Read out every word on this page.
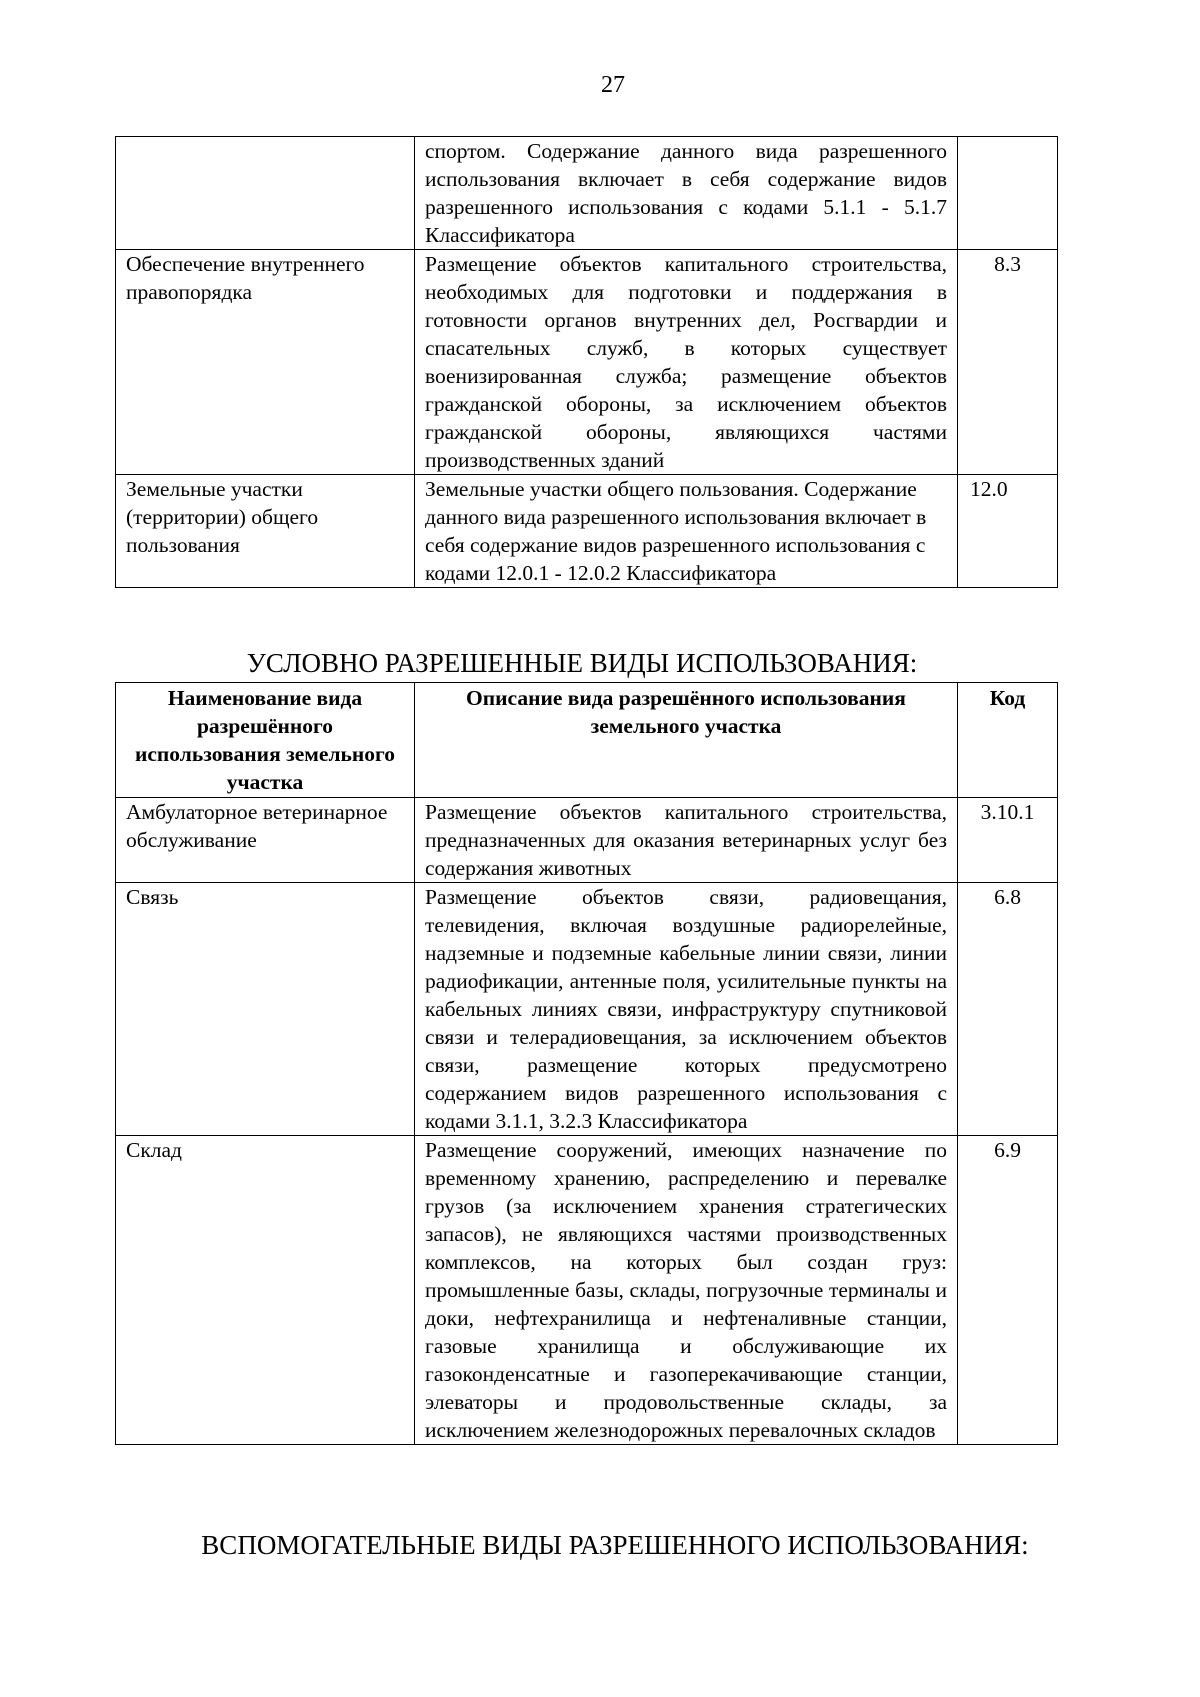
27
	спортом. Содержание данного вида разрешенного использования включает в себя содержание видов разрешенного использования с кодами 5.1.1 - 5.1.7 Классификатора	
Обеспечение внутреннего правопорядка	Размещение объектов капитального строительства, необходимых для подготовки и поддержания в готовности органов внутренних дел, Росгвардии и спасательных служб, в которых существует военизированная служба; размещение объектов гражданской обороны, за исключением объектов гражданской обороны, являющихся частями производственных зданий	8.3
Земельные участки (территории) общего пользования	Земельные участки общего пользования. Содержание данного вида разрешенного использования включает в себя содержание видов разрешенного использования с кодами 12.0.1 - 12.0.2 Классификатора	12.0
УСЛОВНО РАЗРЕШЕННЫЕ ВИДЫ ИСПОЛЬЗОВАНИЯ:
Наименование вида разрешённого использования земельного участка	Описание вида разрешённого использования земельного участка	Код
Амбулаторное ветеринарное обслуживание	Размещение объектов капитального строительства, предназначенных для оказания ветеринарных услуг без содержания животных	3.10.1
Связь	Размещение объектов связи, радиовещания, телевидения, включая воздушные радиорелейные, надземные и подземные кабельные линии связи, линии радиофикации, антенные поля, усилительные пункты на кабельных линиях связи, инфраструктуру спутниковой связи и телерадиовещания, за исключением объектов связи, размещение которых предусмотрено содержанием видов разрешенного использования с кодами 3.1.1, 3.2.3 Классификатора	6.8
Склад	Размещение сооружений, имеющих назначение по временному хранению, распределению и перевалке грузов (за исключением хранения стратегических запасов), не являющихся частями производственных комплексов, на которых был создан груз: промышленные базы, склады, погрузочные терминалы и доки, нефтехранилища и нефтеналивные станции, газовые хранилища и обслуживающие их газоконденсатные и газоперекачивающие станции, элеваторы и продовольственные склады, за исключением железнодорожных перевалочных складов	6.9
ВСПОМОГАТЕЛЬНЫЕ ВИДЫ РАЗРЕШЕННОГО ИСПОЛЬЗОВАНИЯ:
